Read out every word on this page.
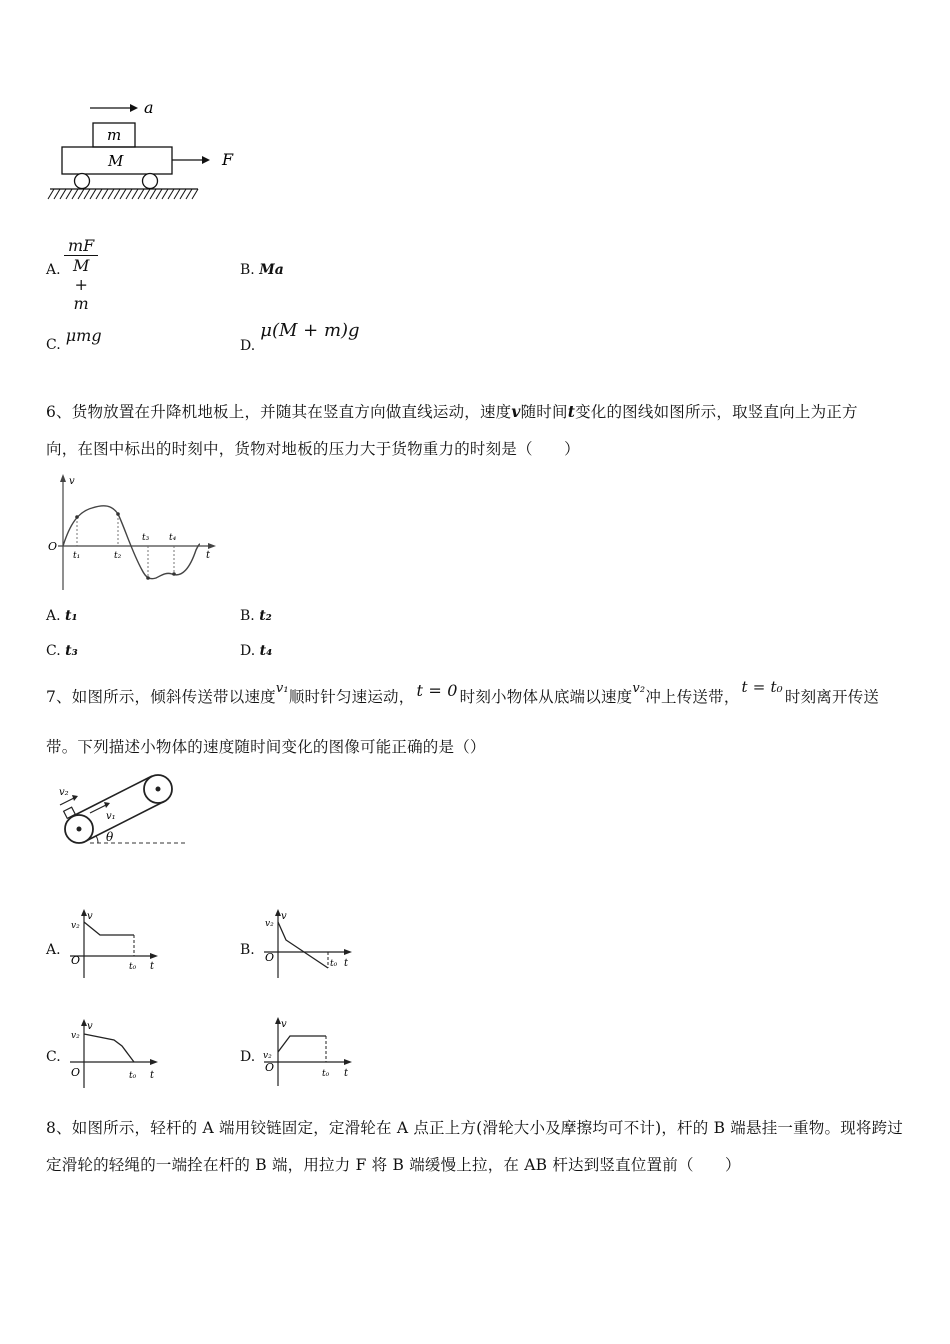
a
m
M	F
A. $\frac{mF}{M + m}$	B. Ma
C. μmg
D. μ(M + m)g
6、货物放置在升降机地板上，并随其在竖直方向做直线运动，速度v随时间t变化的图线如图所示，取竖直向上为正方
向，在图中标出的时刻中，货物对地板的压力大于货物重力的时刻是（　　）
v
O
t
t₁	t₂
t₃ t₄
A. t₁	B. t₂
C. t₃	D. t₄
7、如图所示，倾斜传送带以速度$^{v_1}$顺时针匀速运动， t = 0 时刻小物体从底端以速度$^{v_2}$冲上传送带，t = t₀时刻离开传送
带。下列描述小物体的速度随时间变化的图像可能正确的是（）
v₂
v₁
θ
A.
v
v₂
O	t
t₀
B.
v
v₂
O	t
t₀
C.
v
v₂
O	t
t₀
D.
v
v₂
O	t
t₀
8、如图所示，轻杆的 A 端用铰链固定，定滑轮在 A 点正上方(滑轮大小及摩擦均可不计)，杆的 B 端悬挂一重物。现将跨过
定滑轮的轻绳的一端拴在杆的 B 端，用拉力 F 将 B 端缓慢上拉，在 AB 杆达到竖直位置前（　　）
